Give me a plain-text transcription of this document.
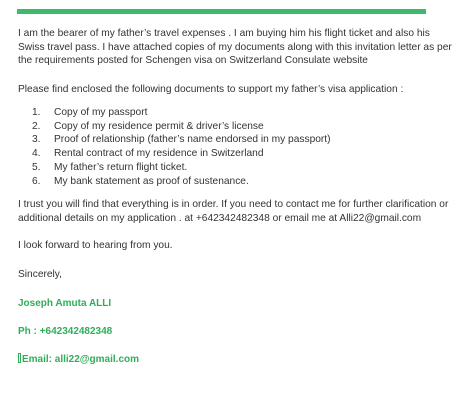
I am the bearer of my father’s travel expenses . I am buying him his flight ticket and also his Swiss travel pass. I have attached copies of my documents along with this invitation letter as per the requirements posted for Schengen visa on Switzerland Consulate website

Please find enclosed the following documents to support my father’s visa application :

1.	Copy of my passport
2.	Copy of my residence permit & driver’s license
3.	Proof of relationship (father’s name endorsed in my passport)
4.	Rental contract of my residence in Switzerland
5.	My father’s return flight ticket.
6.	My bank statement as proof of sustenance.

I trust you will find that everything is in order. If you need to contact me for further clarification or additional details on my application . at +642342482348 or email me at Alli22@gmail.com

I look forward to hearing from you.

Sincerely,

Joseph Amuta ALLI

Ph : +642342482348

Email: alli22@gmail.com
